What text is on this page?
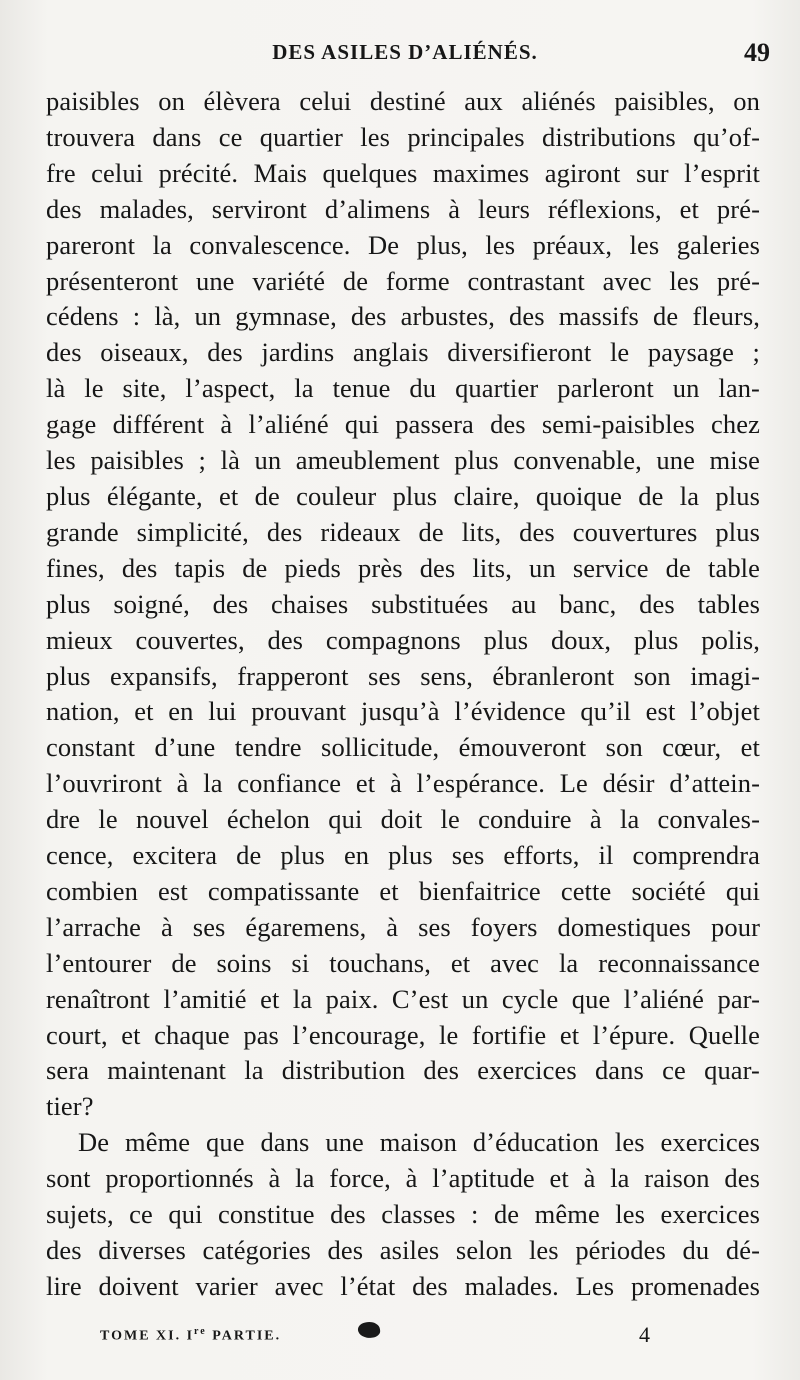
DES ASILES D’ALIÉNÉS.	49
paisibles on élèvera celui destiné aux aliénés paisibles, on
trouvera dans ce quartier les principales distributions qu’of-
fre celui précité. Mais quelques maximes agiront sur l’esprit
des malades, serviront d’alimens à leurs réflexions, et pré-
pareront la convalescence. De plus, les préaux, les galeries
présenteront une variété de forme contrastant avec les pré-
cédens : là, un gymnase, des arbustes, des massifs de fleurs,
des oiseaux, des jardins anglais diversifieront le paysage ;
là le site, l’aspect, la tenue du quartier parleront un lan-
gage différent à l’aliéné qui passera des semi-paisibles chez
les paisibles ; là un ameublement plus convenable, une mise
plus élégante, et de couleur plus claire, quoique de la plus
grande simplicité, des rideaux de lits, des couvertures plus
fines, des tapis de pieds près des lits, un service de table
plus soigné, des chaises substituées au banc, des tables
mieux couvertes, des compagnons plus doux, plus polis,
plus expansifs, frapperont ses sens, ébranleront son imagi-
nation, et en lui prouvant jusqu’à l’évidence qu’il est l’objet
constant d’une tendre sollicitude, émouveront son cœur, et
l’ouvriront à la confiance et à l’espérance. Le désir d’attein-
dre le nouvel échelon qui doit le conduire à la convales-
cence, excitera de plus en plus ses efforts, il comprendra
combien est compatissante et bienfaitrice cette société qui
l’arrache à ses égaremens, à ses foyers domestiques pour
l’entourer de soins si touchans, et avec la reconnaissance
renaîtront l’amitié et la paix. C’est un cycle que l’aliéné par-
court, et chaque pas l’encourage, le fortifie et l’épure. Quelle
sera maintenant la distribution des exercices dans ce quar-
tier?
De même que dans une maison d’éducation les exercices
sont proportionnés à la force, à l’aptitude et à la raison des
sujets, ce qui constitue des classes : de même les exercices
des diverses catégories des asiles selon les périodes du dé-
lire doivent varier avec l’état des malades. Les promenades
TOME XI. Ire PARTIE.	4
